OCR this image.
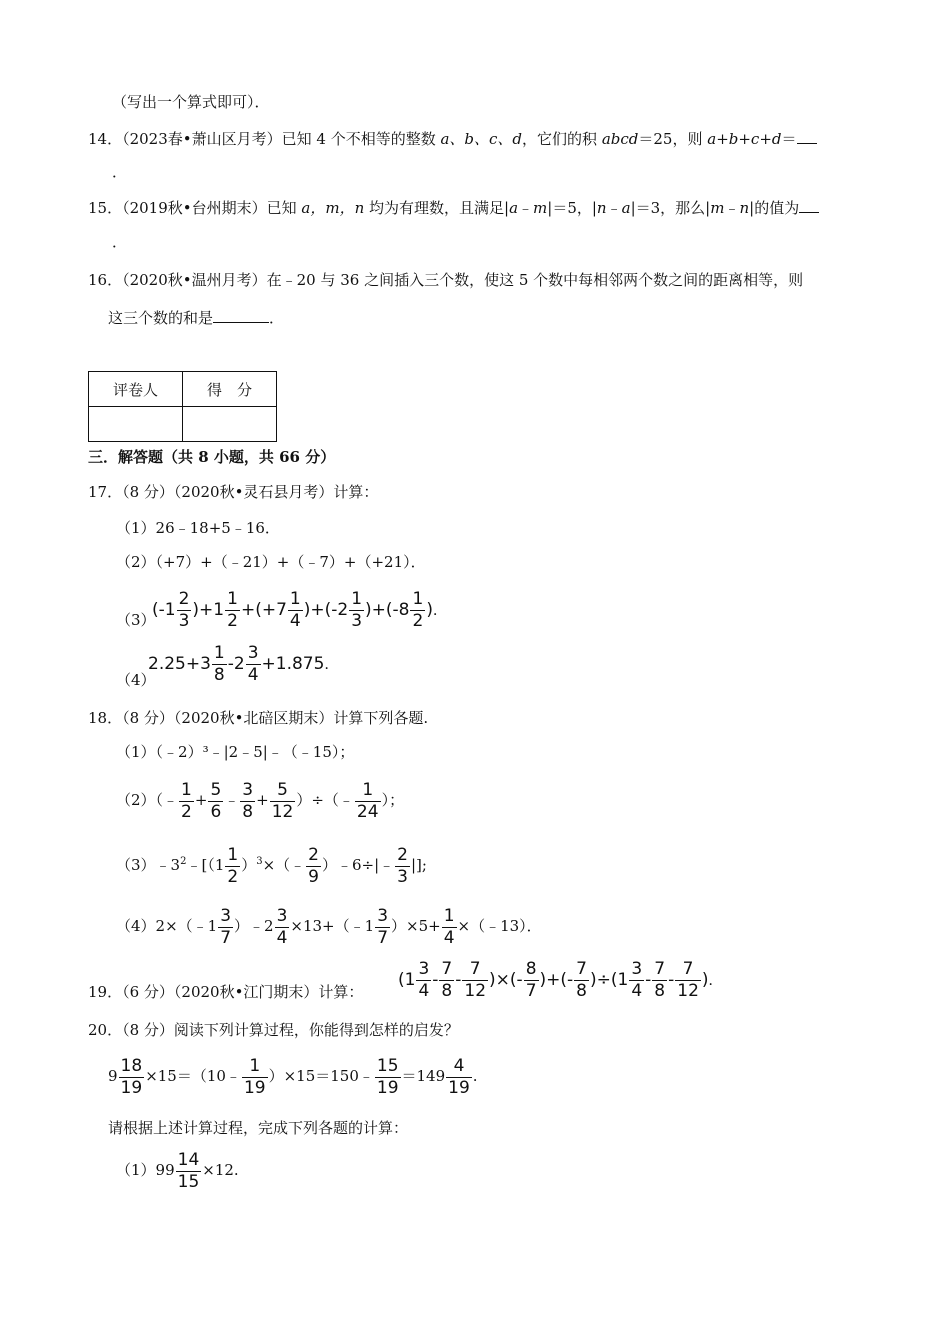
（写出一个算式即可）．
14．（2023春•萧山区月考）已知 4 个不相等的整数 a、b、c、d，它们的积 abcd＝25，则 a+b+c+d＝
．
15．（2019秋•台州期末）已知 a，m，n 均为有理数，且满足|a﹣m|＝5，|n﹣a|＝3，那么|m﹣n|的值为
．
16．（2020秋•温州月考）在﹣20 与 36 之间插入三个数，使这 5 个数中每相邻两个数之间的距离相等，则
这三个数的和是	．
评卷人	得　分

三．解答题（共 8 小题，共 66 分）
17．（8 分）（2020秋•灵石县月考）计算：
（1）26﹣18+5﹣16．
（2）（+7）+（﹣21）+（﹣7）+（+21）．
（3）
$(-1 \frac{2}{3} )+1 \frac{1}{2} +(+7 \frac{1}{4} )+(-2 \frac{1}{3} )+(-8 \frac{1}{2}$ )．
（4）
$2.25+3 \frac{1}{8} -2 \frac{3}{4} +1.875$．
18．（8 分）（2020秋•北碚区期末）计算下列各题.
（1）（﹣2）³﹣|2﹣5|﹣（﹣15）；
（2）（﹣ $\frac{1}{2} + \frac{5}{6}$ ﹣ $\frac{3}{8} + \frac{5}{12}$ ）÷（﹣ $\frac{1}{24}$ ）；
$(3)﹣3^2﹣[(1 \frac{1}{2}$ ）$^3$×（﹣ $\frac{2}{9}$ ）﹣6÷|﹣ $\frac{2}{3}$ |];
（4）2×（﹣1 $\frac{3}{7}$ ）﹣2 $\frac{3}{4}$ ×13+（﹣1 $\frac{3}{7} )\times 5+ \frac{1}{4}$ ×（﹣13）．
19．（6 分）（2020秋•江门期末）计算：
($1 \frac{3}{4} - \frac{7}{8} - \frac{7}{12}$ )×(- $\frac{8}{7}$ )+(- $\frac{7}{8} )\div(1 \frac{3}{4} - \frac{7}{8} - \frac{7}{12}$ )．
20．（8 分）阅读下列计算过程，你能得到怎样的启发？
$9 \frac{18}{19}$ ×15＝（10﹣ $\frac{1}{19}$ ）×15＝150﹣ $\frac{15}{19} =149 \frac{4}{19}$ .
请根据上述计算过程，完成下列各题的计算：
$(1)99 \frac{14}{15} \times 12$.
